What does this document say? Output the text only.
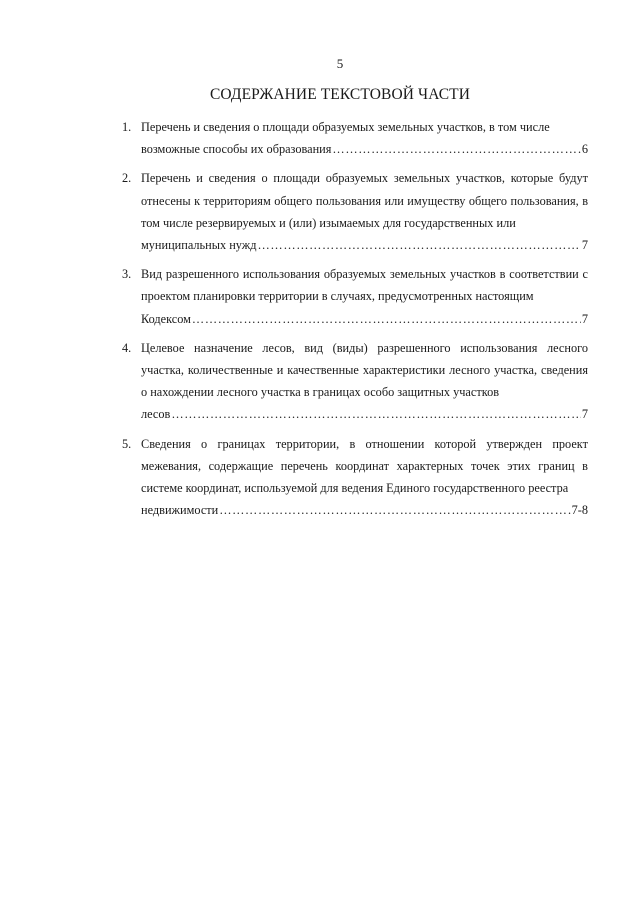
5
СОДЕРЖАНИЕ ТЕКСТОВОЙ ЧАСТИ
1. Перечень и сведения о площади образуемых земельных участков, в том числе
возможные способы их образования ……………………………………………………………………………………………………………………………………	6
2. Перечень и сведения о площади образуемых земельных участков, которые будут отнесены к территориям общего пользования или имуществу общего пользования, в том числе резервируемых и (или) изымаемых для государственных или
муниципальных нужд ……………………………………………………………………………………………………………………………………	7
3. Вид разрешенного использования образуемых земельных участков в соответствии с проектом планировки территории в случаях, предусмотренных настоящим
Кодексом ……………………………………………………………………………………………………………………………………	7
4. Целевое назначение лесов, вид (виды) разрешенного использования лесного участка, количественные и качественные характеристики лесного участка, сведения о нахождении лесного участка в границах особо защитных участков
лесов ……………………………………………………………………………………………………………………………………	7
5. Сведения о границах территории, в отношении которой утвержден проект межевания, содержащие перечень координат характерных точек этих границ в системе координат, используемой для ведения Единого государственного реестра
недвижимости ……………………………………………………………………………………………………………………………………	7-8
